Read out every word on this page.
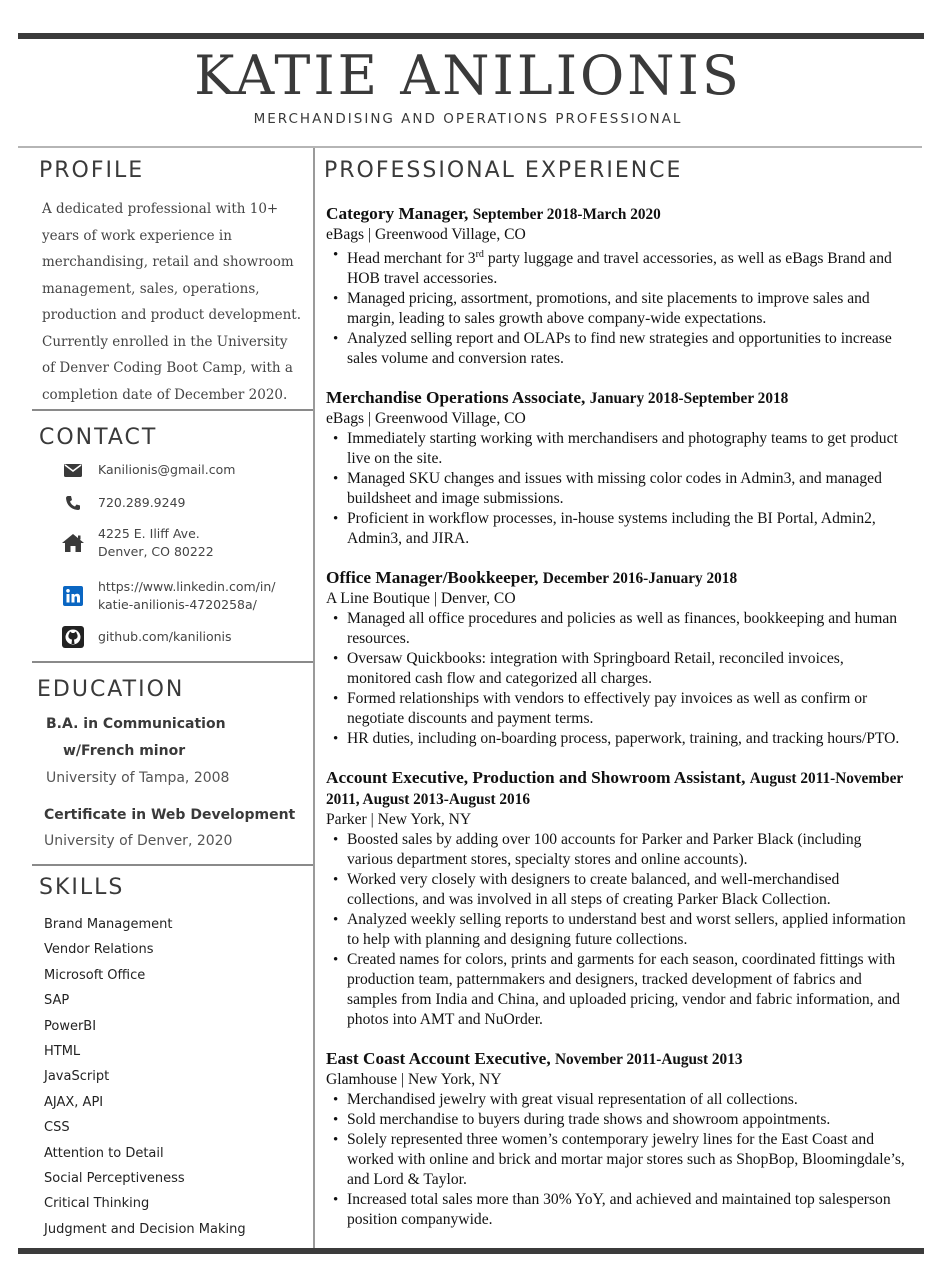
KATIE ANILIONIS
MERCHANDISING AND OPERATIONS PROFESSIONAL
PROFILE
A dedicated professional with 10+ years of work experience in merchandising, retail and showroom management, sales, operations, production and product development. Currently enrolled in the University of Denver Coding Boot Camp, with a completion date of December 2020.
CONTACT
Kanilionis@gmail.com
720.289.9249
4225 E. Iliff Ave.
Denver, CO 80222
https://www.linkedin.com/in/
katie-anilionis-4720258a/
github.com/kanilionis
EDUCATION
B.A. in Communication
w/French minor
University of Tampa, 2008
Certificate in Web Development
University of Denver, 2020
SKILLS
Brand Management
Vendor Relations
Microsoft Office
SAP
PowerBI
HTML
JavaScript
AJAX, API
CSS
Attention to Detail
Social Perceptiveness
Critical Thinking
Judgment and Decision Making
PROFESSIONAL EXPERIENCE
Category Manager, September 2018-March 2020
eBags | Greenwood Village, CO
• Head merchant for 3rd party luggage and travel accessories, as well as eBags Brand and HOB travel accessories.
• Managed pricing, assortment, promotions, and site placements to improve sales and margin, leading to sales growth above company-wide expectations.
• Analyzed selling report and OLAPs to find new strategies and opportunities to increase sales volume and conversion rates.
Merchandise Operations Associate, January 2018-September 2018
eBags | Greenwood Village, CO
• Immediately starting working with merchandisers and photography teams to get product live on the site.
• Managed SKU changes and issues with missing color codes in Admin3, and managed buildsheet and image submissions.
• Proficient in workflow processes, in-house systems including the BI Portal, Admin2, Admin3, and JIRA.
Office Manager/Bookkeeper, December 2016-January 2018
A Line Boutique | Denver, CO
• Managed all office procedures and policies as well as finances, bookkeeping and human resources.
• Oversaw Quickbooks: integration with Springboard Retail, reconciled invoices, monitored cash flow and categorized all charges.
• Formed relationships with vendors to effectively pay invoices as well as confirm or negotiate discounts and payment terms.
• HR duties, including on-boarding process, paperwork, training, and tracking hours/PTO.
Account Executive, Production and Showroom Assistant, August 2011-November 2011, August 2013-August 2016
Parker | New York, NY
• Boosted sales by adding over 100 accounts for Parker and Parker Black (including various department stores, specialty stores and online accounts).
• Worked very closely with designers to create balanced, and well-merchandised collections, and was involved in all steps of creating Parker Black Collection.
• Analyzed weekly selling reports to understand best and worst sellers, applied information to help with planning and designing future collections.
• Created names for colors, prints and garments for each season, coordinated fittings with production team, patternmakers and designers, tracked development of fabrics and samples from India and China, and uploaded pricing, vendor and fabric information, and photos into AMT and NuOrder.
East Coast Account Executive, November 2011-August 2013
Glamhouse | New York, NY
• Merchandised jewelry with great visual representation of all collections.
• Sold merchandise to buyers during trade shows and showroom appointments.
• Solely represented three women’s contemporary jewelry lines for the East Coast and worked with online and brick and mortar major stores such as ShopBop, Bloomingdale’s, and Lord & Taylor.
• Increased total sales more than 30% YoY, and achieved and maintained top salesperson position companywide.
